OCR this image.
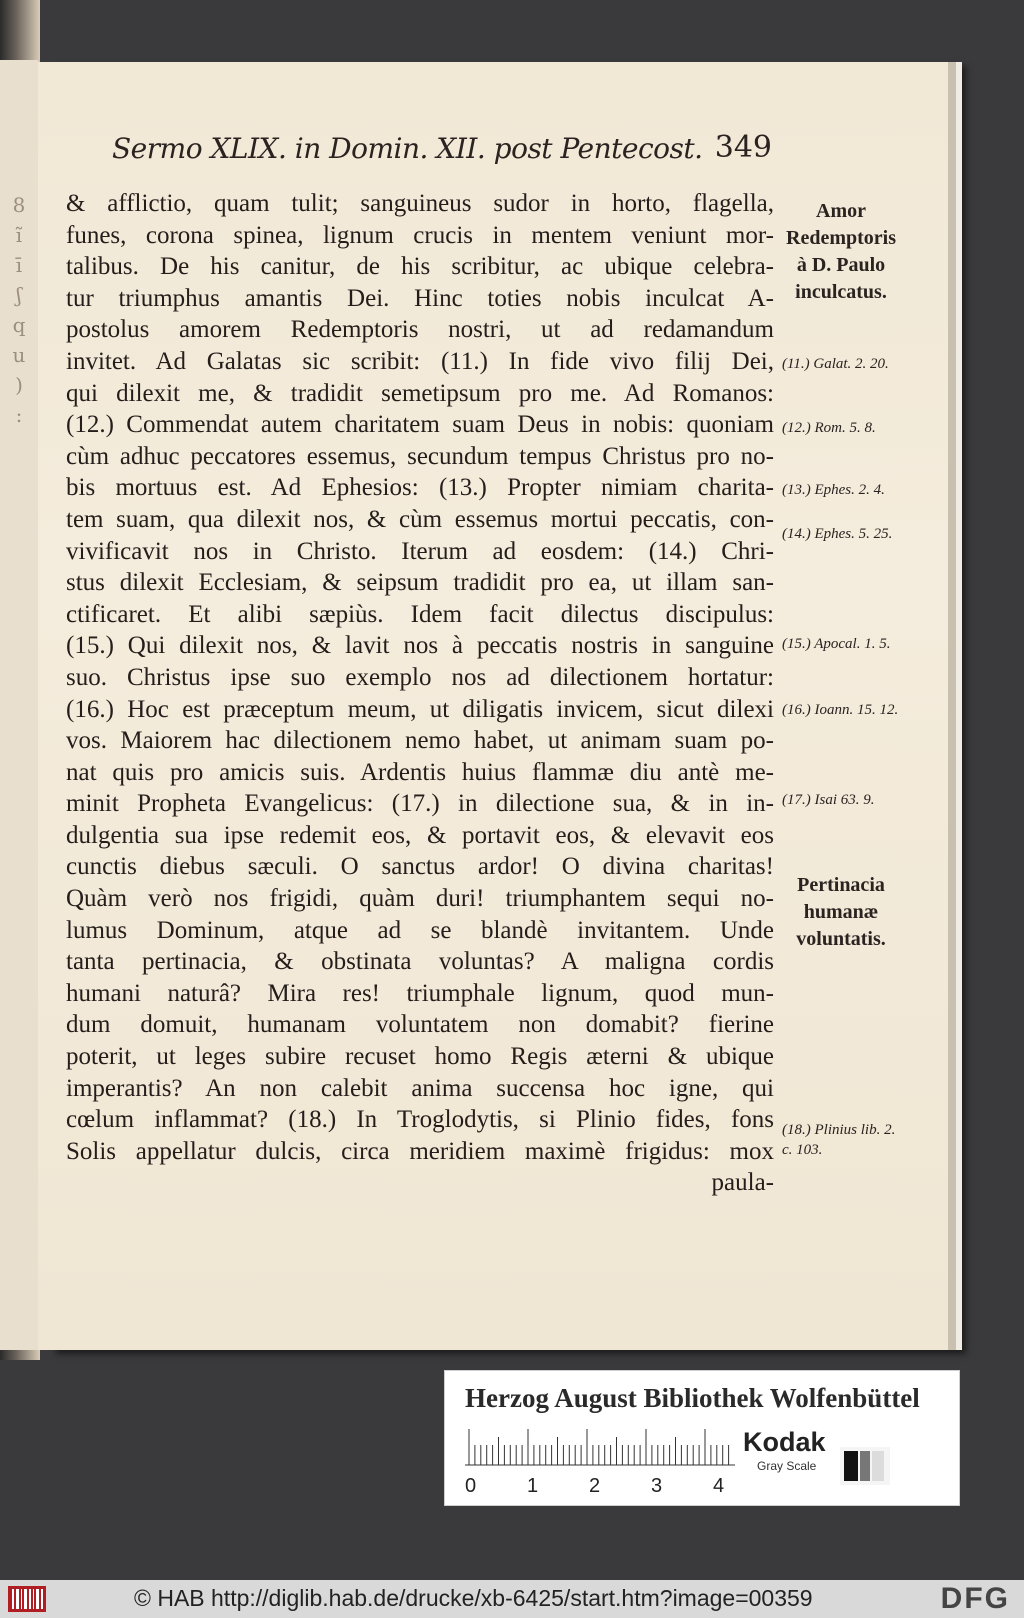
8
ĩ
ī
ʃ
q
u
)
:
Sermo XLIX. in Domin. XII. post Pentecost. 349

& afflictio, quam tulit; sanguineus sudor in horto, flagella,

funes, corona spinea, lignum crucis in mentem veniunt mor-

talibus. De his canitur, de his scribitur, ac ubique celebra-

tur triumphus amantis Dei. Hinc toties nobis inculcat A-

postolus amorem Redemptoris nostri, ut ad redamandum

invitet. Ad Galatas sic scribit: (11.) In fide vivo filij Dei,

qui dilexit me, & tradidit semetipsum pro me. Ad Romanos:

(12.) Commendat autem charitatem suam Deus in nobis: quoniam

cùm adhuc peccatores essemus, secundum tempus Christus pro no-

bis mortuus est. Ad Ephesios: (13.) Propter nimiam charita-

tem suam, qua dilexit nos, & cùm essemus mortui peccatis, con-

vivificavit nos in Christo. Iterum ad eosdem: (14.) Chri-

stus dilexit Ecclesiam, & seipsum tradidit pro ea, ut illam san-

ctificaret. Et alibi sæpiùs. Idem facit dilectus discipulus:

(15.) Qui dilexit nos, & lavit nos à peccatis nostris in sanguine

suo. Christus ipse suo exemplo nos ad dilectionem hortatur:

(16.) Hoc est præceptum meum, ut diligatis invicem, sicut dilexi

vos. Maiorem hac dilectionem nemo habet, ut animam suam po-

nat quis pro amicis suis. Ardentis huius flammæ diu antè me-

minit Propheta Evangelicus: (17.) in dilectione sua, & in in-

dulgentia sua ipse redemit eos, & portavit eos, & elevavit eos

cunctis diebus sæculi. O sanctus ardor! O divina charitas!

Quàm verò nos frigidi, quàm duri! triumphantem sequi no-

lumus Dominum, atque ad se blandè invitantem. Unde

tanta pertinacia, & obstinata voluntas? A maligna cordis

humani naturâ? Mira res! triumphale lignum, quod mun-

dum domuit, humanam voluntatem non domabit? fierine

poterit, ut leges subire recuset homo Regis æterni & ubique

imperantis? An non calebit anima succensa hoc igne, qui

cœlum inflammat? (18.) In Troglodytis, si Plinio fides, fons

Solis appellatur dulcis, circa meridiem maximè frigidus: mox

paula-

Amor Redemptoris à D. Paulo inculcatus.
(11.) Galat. 2. 20.
(12.) Rom. 5. 8.
(13.) Ephes. 2. 4.
(14.) Ephes. 5. 25.
(15.) Apocal. 1. 5.
(16.) Ioann. 15. 12.
(17.) Isai 63. 9.
Pertinacia humanæ voluntatis.
(18.) Plinius lib. 2. c. 103.
Herzog August Bibliothek Wolfenbüttel
0	1	2	3	4
Kodak
Gray Scale
© HAB http://diglib.hab.de/drucke/xb-6425/start.htm?image=00359	DFG
